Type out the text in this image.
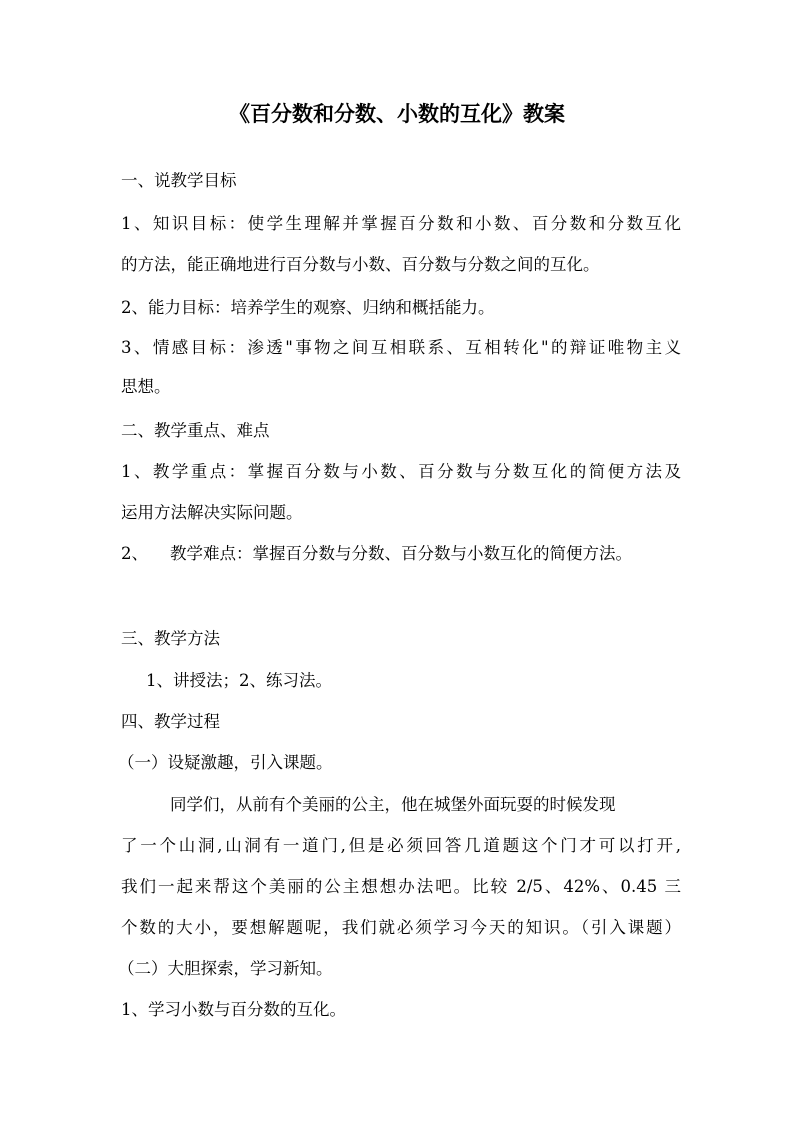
《百分数和分数、小数的互化》教案

一、说教学目标

1、知识目标：使学生理解并掌握百分数和小数、百分数和分数互化

的方法，能正确地进行百分数与小数、百分数与分数之间的互化。

2、能力目标：培养学生的观察、归纳和概括能力。

3、情感目标：渗透"事物之间互相联系、互相转化"的辩证唯物主义

思想。

二、教学重点、难点

1、教学重点：掌握百分数与小数、百分数与分数互化的简便方法及

运用方法解决实际问题。

2、	教学难点：掌握百分数与分数、百分数与小数互化的简便方法。

三、教学方法

1、讲授法；2、练习法。

四、教学过程

（一）设疑激趣，引入课题。

同学们，从前有个美丽的公主，他在城堡外面玩耍的时候发现

了一个山洞,山洞有一道门,但是必须回答几道题这个门才可以打开,

我们一起来帮这个美丽的公主想想办法吧。比较 2/5、42%、0.45 三

个数的大小，要想解题呢，我们就必须学习今天的知识。（引入课题）

（二）大胆探索，学习新知。

1、学习小数与百分数的互化。
